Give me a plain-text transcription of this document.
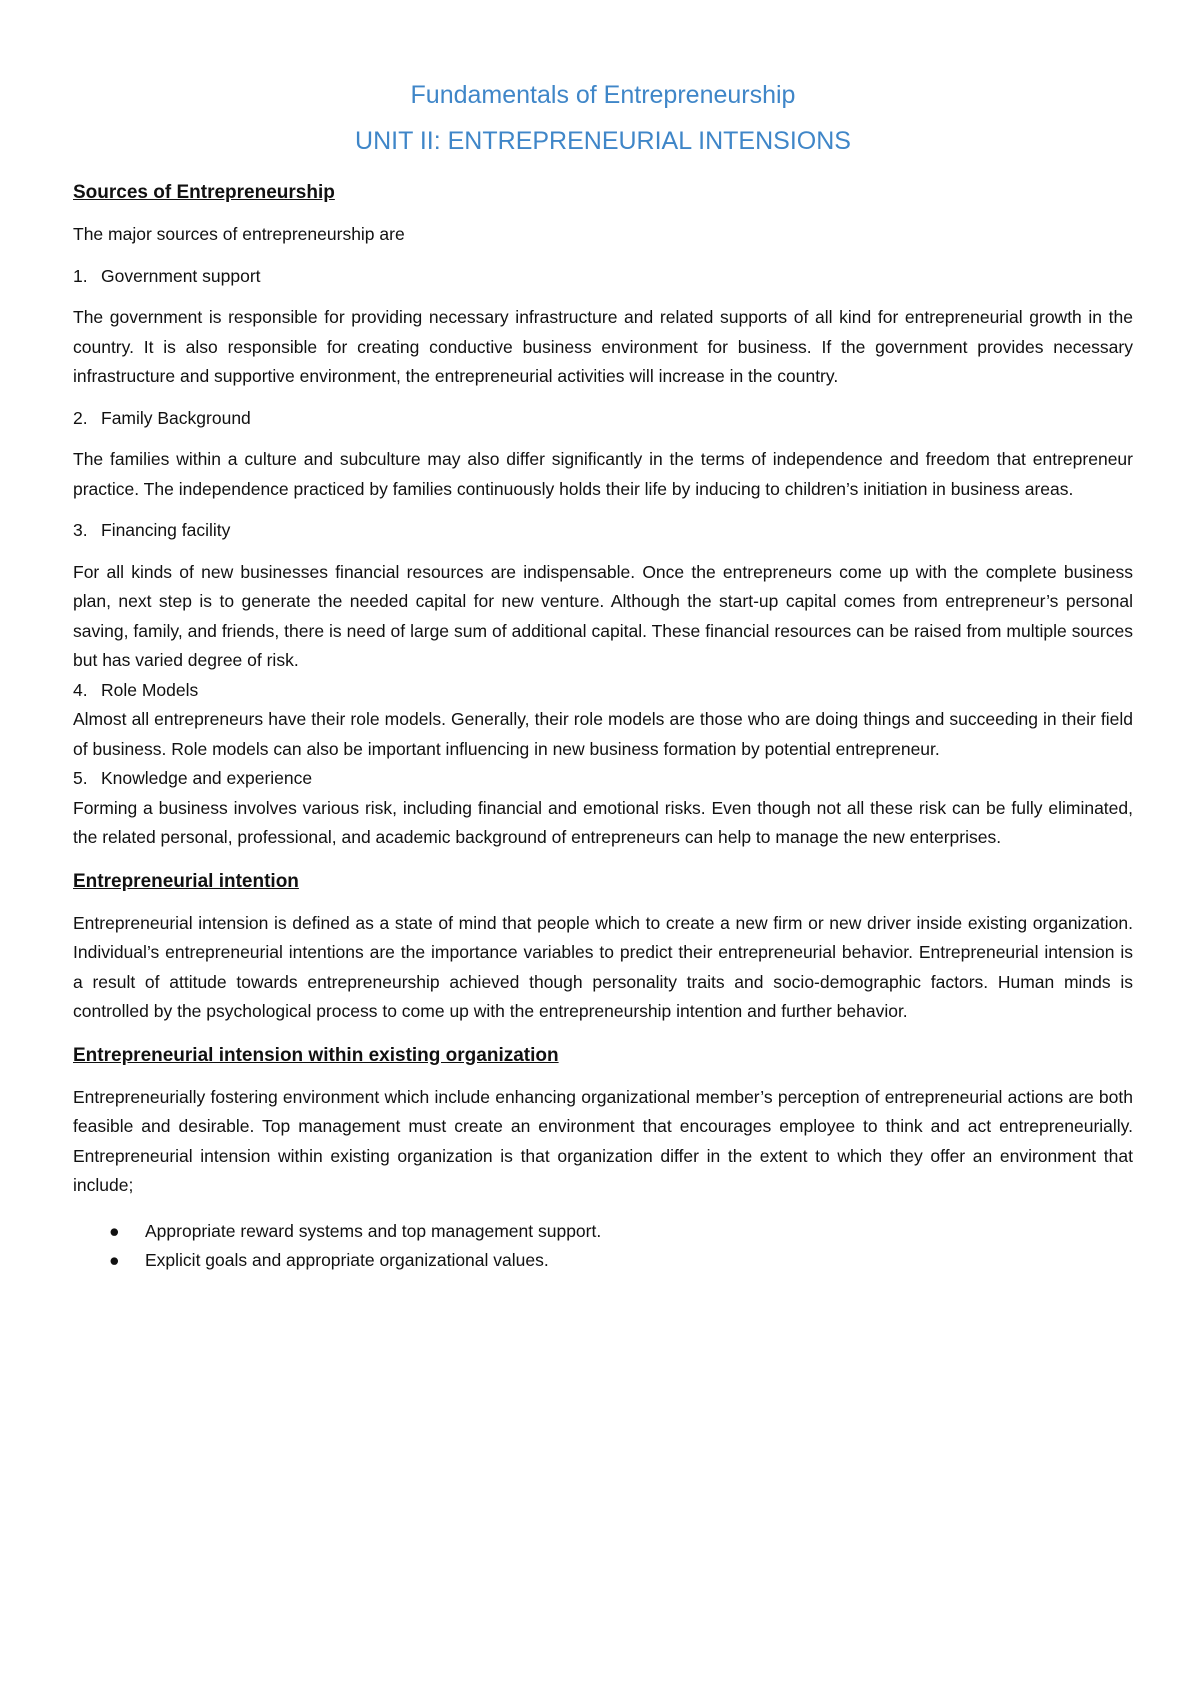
Fundamentals of Entrepreneurship
UNIT II: ENTREPRENEURIAL INTENSIONS
Sources of Entrepreneurship

The major sources of entrepreneurship are

1. Government support

The government is responsible for providing necessary infrastructure and related supports of all kind for entrepreneurial growth in the country. It is also responsible for creating conductive business environment for business. If the government provides necessary infrastructure and supportive environment, the entrepreneurial activities will increase in the country.

2. Family Background

The families within a culture and subculture may also differ significantly in the terms of independence and freedom that entrepreneur practice. The independence practiced by families continuously holds their life by inducing to children’s initiation in business areas.

3. Financing facility

For all kinds of new businesses financial resources are indispensable. Once the entrepreneurs come up with the complete business plan, next step is to generate the needed capital for new venture. Although the start-up capital comes from entrepreneur’s personal saving, family, and friends, there is need of large sum of additional capital. These financial resources can be raised from multiple sources but has varied degree of risk.

4. Role Models

Almost all entrepreneurs have their role models. Generally, their role models are those who are doing things and succeeding in their field of business. Role models can also be important influencing in new business formation by potential entrepreneur.

5. Knowledge and experience

Forming a business involves various risk, including financial and emotional risks. Even though not all these risk can be fully eliminated, the related personal, professional, and academic background of entrepreneurs can help to manage the new enterprises.

Entrepreneurial intention

Entrepreneurial intension is defined as a state of mind that people which to create a new firm or new driver inside existing organization. Individual’s entrepreneurial intentions are the importance variables to predict their entrepreneurial behavior. Entrepreneurial intension is a result of attitude towards entrepreneurship achieved though personality traits and socio-demographic factors. Human minds is controlled by the psychological process to come up with the entrepreneurship intention and further behavior.

Entrepreneurial intension within existing organization

Entrepreneurially fostering environment which include enhancing organizational member’s perception of entrepreneurial actions are both feasible and desirable. Top management must create an environment that encourages employee to think and act entrepreneurially. Entrepreneurial intension within existing organization is that organization differ in the extent to which they offer an environment that include;

● Appropriate reward systems and top management support.
● Explicit goals and appropriate organizational values.
